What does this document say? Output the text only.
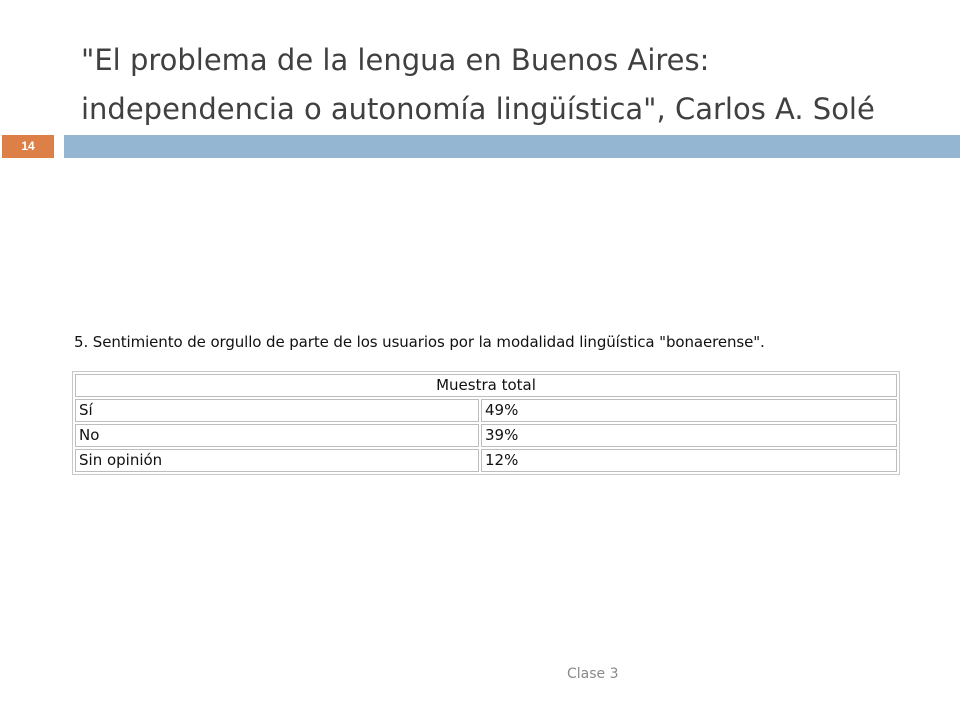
"El problema de la lengua en Buenos Aires:
independencia o autonomía lingüística", Carlos A. Solé
14
5. Sentimiento de orgullo de parte de los usuarios por la modalidad lingüística "bonaerense".
Muestra total	
Sí	49%
No	39%
Sin opinión	12%
Clase 3
